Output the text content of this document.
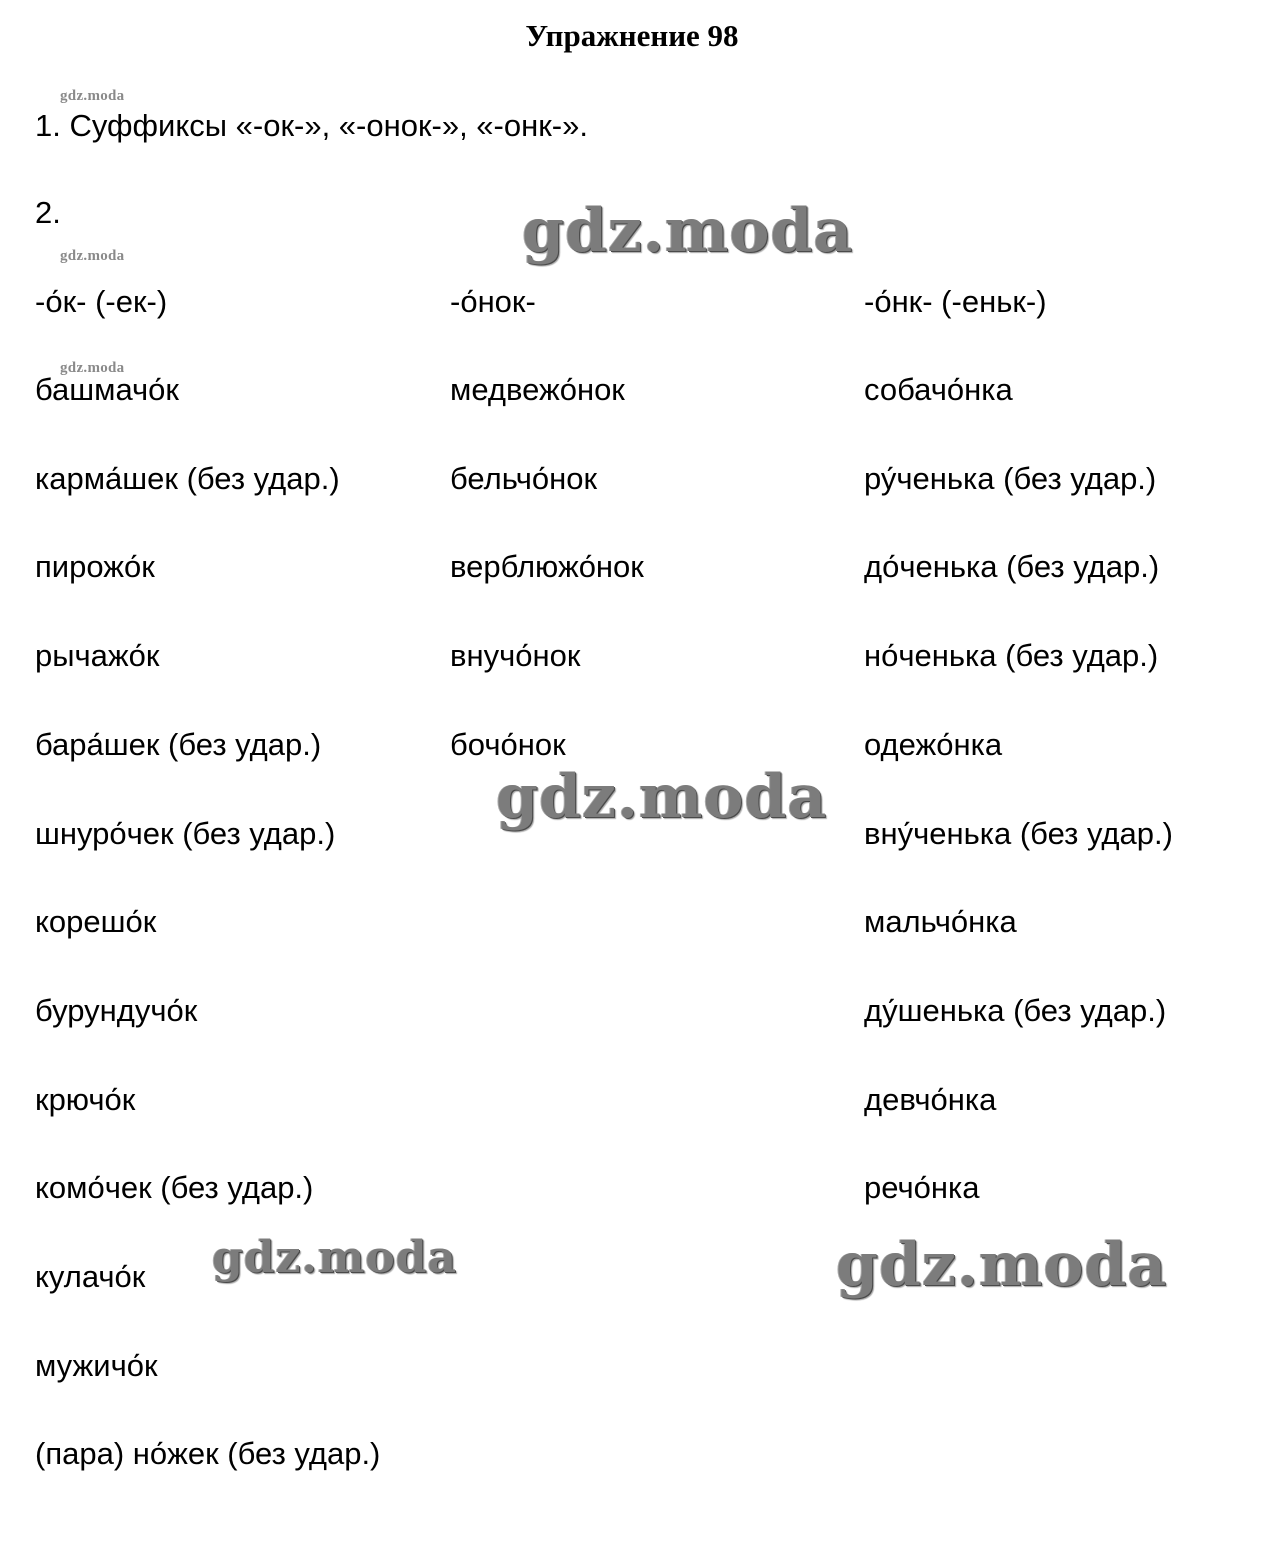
Упражнение 98
gdz.moda
1. Суффиксы «-ок-», «-онок-», «-онк-».
2.
gdz.moda
gdz.moda
gdz.moda
gdz.moda
gdz.moda	gdz.moda
-о́к- (-ек-)
башмачо́к
карма́шек (без удар.)
пирожо́к
рычажо́к
бара́шек (без удар.)
шнуро́чек (без удар.)
корешо́к
бурундучо́к
крючо́к
комо́чек (без удар.)
кулачо́к
мужичо́к
(пара) но́жек (без удар.)
-о́нок-
медвежо́нок
бельчо́нок
верблюжо́нок
внучо́нок
бочо́нок
-о́нк- (-еньк-)
собачо́нка
ру́ченька (без удар.)
до́ченька (без удар.)
но́ченька (без удар.)
одежо́нка
вну́ченька (без удар.)
мальчо́нка
ду́шенька (без удар.)
девчо́нка
речо́нка
